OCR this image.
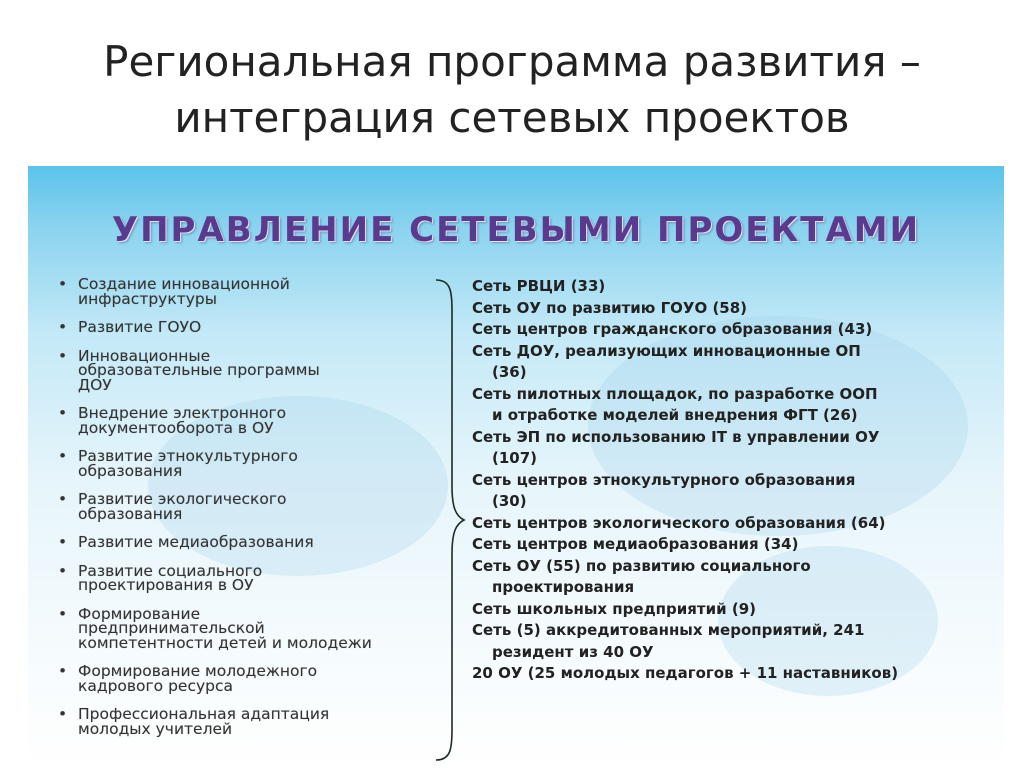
Региональная программа развития –
интеграция сетевых проектов
УПРАВЛЕНИЕ СЕТЕВЫМИ ПРОЕКТАМИ
• Создание инновационной
инфраструктуры
• Развитие ГОУО
• Инновационные
образовательные программы
ДОУ
• Внедрение электронного
документооборота в ОУ
• Развитие этнокультурного
образования
• Развитие экологического
образования
• Развитие медиаобразования
• Развитие социального
проектирования в ОУ
• Формирование
предпринимательской
компетентности детей и молодежи
• Формирование молодежного
кадрового ресурса
• Профессиональная адаптация
молодых учителей
Сеть РВЦИ (33)
Сеть ОУ по развитию ГОУО (58)
Сеть центров гражданского образования (43)
Сеть ДОУ, реализующих инновационные ОП
(36)
Сеть пилотных площадок, по разработке ООП
и отработке моделей внедрения ФГТ (26)
Сеть ЭП по использованию IT в управлении ОУ
(107)
Сеть центров этнокультурного образования
(30)
Сеть центров экологического образования (64)
Сеть центров медиаобразования (34)
Сеть ОУ (55) по развитию социального
проектирования
Сеть школьных предприятий (9)
Сеть (5) аккредитованных мероприятий, 241
резидент из 40 ОУ
20 ОУ (25 молодых педагогов + 11 наставников)
